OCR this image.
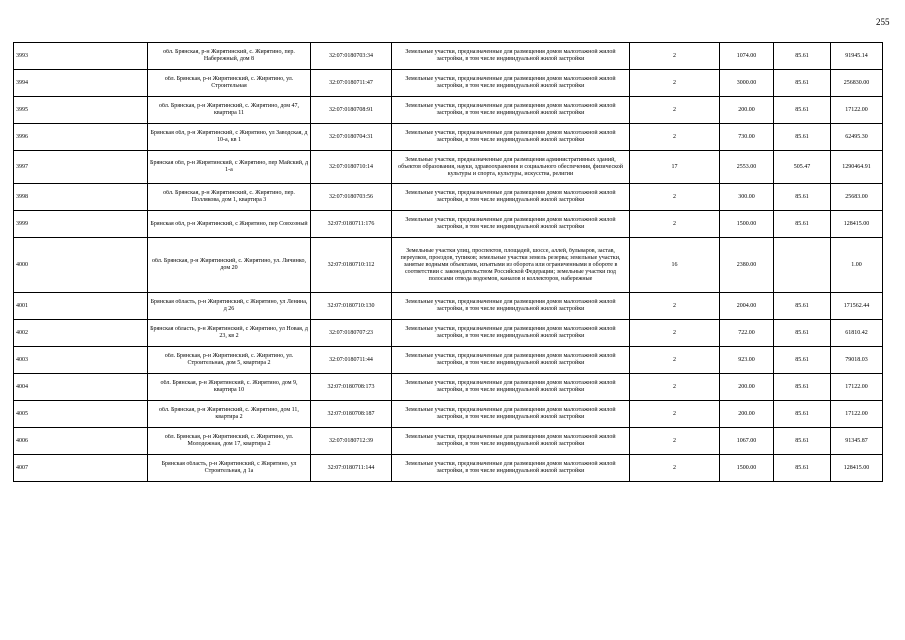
255
3993	обл. Брянская, р-н Жирятинский, с. Жирятино, пер. Набережный, дом 8	32:07:0180703:34	Земельные участки, предназначенные для размещения домов малоэтажной жилой застройки, в том числе индивидуальной жилой застройки	2	1074.00	85.61	91945.14

3994	обл. Брянская, р-н Жирятинский, с. Жирятино, ул. Строительная	32:07:0180711:47	Земельные участки, предназначенные для размещения домов малоэтажной жилой застройки, в том числе индивидуальной жилой застройки	2	3000.00	85.61	256830.00

3995	обл. Брянская, р-н Жирятинский, с. Жирятино, дом 47, квартира 11	32:07:0180708:91	Земельные участки, предназначенные для размещения домов малоэтажной жилой застройки, в том числе индивидуальной жилой застройки	2	200.00	85.61	17122.00

3996	Брянская обл, р-н Жирятинский, с Жирятино, ул Заводская, д 10-а, кв 1	32:07:0180704:31	Земельные участки, предназначенные для размещения домов малоэтажной жилой застройки, в том числе индивидуальной жилой застройки	2	730.00	85.61	62495.30

3997	Брянская обл, р-н Жирятинский, с Жирятино, пер Майский, д 1-а	32:07:0180710:14	Земельные участки, предназначенные для размещения административных зданий, объектов образования, науки, здравоохранения и социального обеспечения, физической культуры и спорта, культуры, искусства, религии	17	2553.00	505.47	1290464.91

3998	обл. Брянская, р-н Жирятинский, с. Жирятино, пер. Поллякова, дом 1, квартира 3	32:07:0180703:56	Земельные участки, предназначенные для размещения домов малоэтажной жилой застройки, в том числе индивидуальной жилой застройки	2	300.00	85.61	25683.00

3999	Брянская обл, р-н Жирятинский, с Жирятино, пер Совхозный	32:07:0180711:176	Земельные участки, предназначенные для размещения домов малоэтажной жилой застройки, в том числе индивидуальной жилой застройки	2	1500.00	85.61	128415.00

4000	обл. Брянская, р-н Жирятинский, с. Жирятино, ул. Личинко, дом 20	32:07:0180710:112	Земельные участки улиц, проспектов, площадей, шоссе, аллей, бульваров, застав, переулков, проездов, тупиков; земельные участки земель резерва; земельные участки, занятые водными объектами, изъятыми из оборота или ограниченными в обороте в соответствии с законодательством Российской Федерации; земельные участки под полосами отвода водоемов, каналов и коллекторов, набережные	16	2380.00		1.00

4001	Брянская область, р-н Жирятинский, с Жирятино, ул Ленина, д 26	32:07:0180710:130	Земельные участки, предназначенные для размещения домов малоэтажной жилой застройки, в том числе индивидуальной жилой застройки	2	2004.00	85.61	171562.44

4002	Брянская область, р-н Жирятинский, с Жирятино, ул Новая, д 23, кв 2	32:07:0180707:23	Земельные участки, предназначенные для размещения домов малоэтажной жилой застройки, в том числе индивидуальной жилой застройки	2	722.00	85.61	61810.42

4003	обл. Брянская, р-н Жирятинский, с. Жирятино, ул. Строительная, дом 5, квартира 2	32:07:0180711:44	Земельные участки, предназначенные для размещения домов малоэтажной жилой застройки, в том числе индивидуальной жилой застройки	2	923.00	85.61	79018.03

4004	обл. Брянская, р-н Жирятинский, с. Жирятино, дом 9, квартира 10	32:07:0180708:173	Земельные участки, предназначенные для размещения домов малоэтажной жилой застройки, в том числе индивидуальной жилой застройки	2	200.00	85.61	17122.00

4005	обл. Брянская, р-н Жирятинский, с. Жирятино, дом 11, квартира 2	32:07:0180708:187	Земельные участки, предназначенные для размещения домов малоэтажной жилой застройки, в том числе индивидуальной жилой застройки	2	200.00	85.61	17122.00

4006	обл. Брянская, р-н Жирятинский, с. Жирятино, ул. Молодежная, дом 17, квартира 2	32:07:0180712:39	Земельные участки, предназначенные для размещения домов малоэтажной жилой застройки, в том числе индивидуальной жилой застройки	2	1067.00	85.61	91345.87

4007	Брянская область, р-н Жирятинский, с Жирятино, ул Строительная, д 1а	32:07:0180711:144	Земельные участки, предназначенные для размещения домов малоэтажной жилой застройки, в том числе индивидуальной жилой застройки	2	1500.00	85.61	128415.00
